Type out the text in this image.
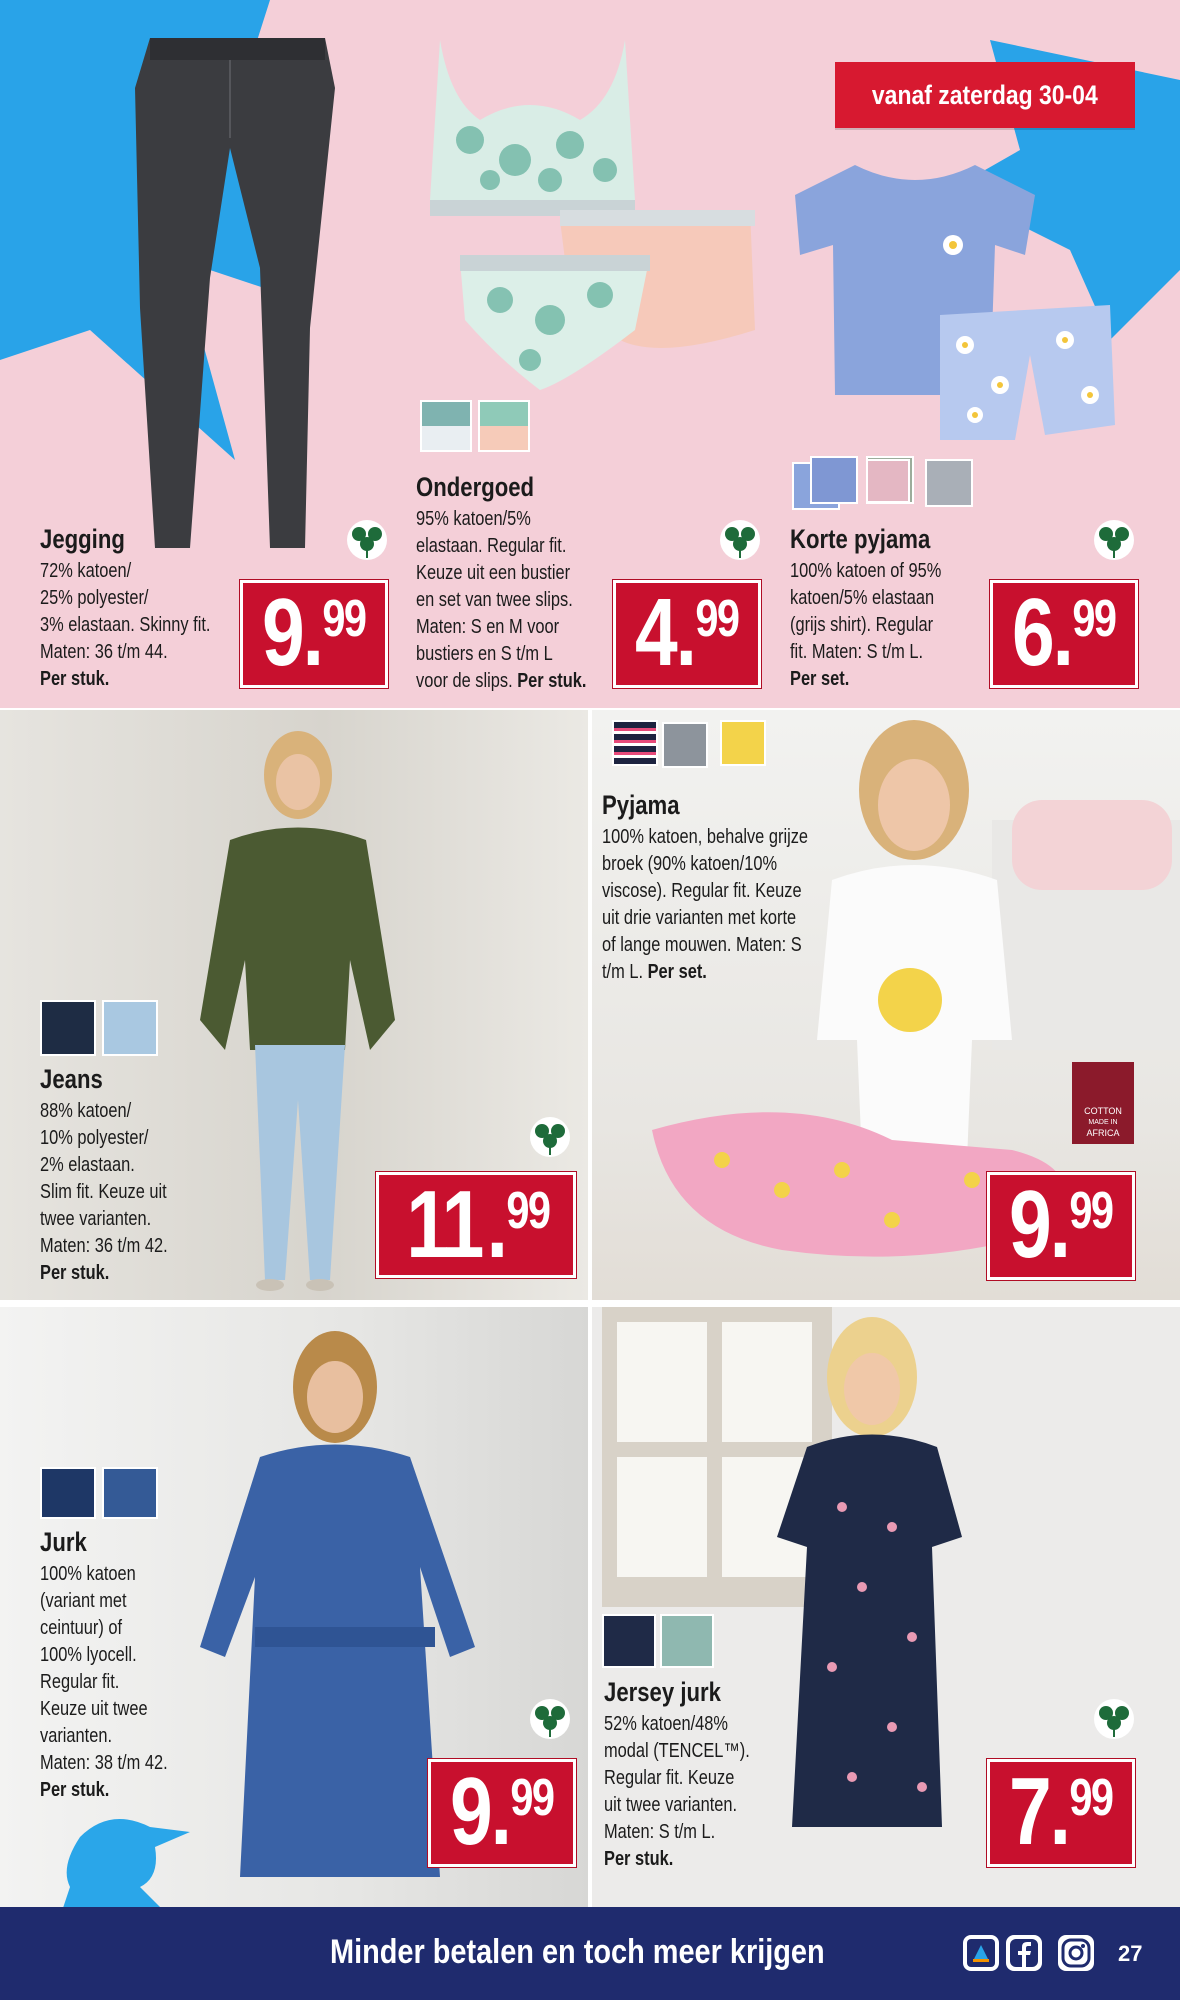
vanaf zaterdag 30-04
Jegging
72% katoen/
25% polyester/
3% elastaan. Skinny fit.
Maten: 36 t/m 44.
Per stuk.	9 .
99
Ondergoed
95% katoen/5%
elastaan. Regular fit.
Keuze uit een bustier
en set van twee slips.
Maten: S en M voor
bustiers en S t/m L
voor de slips. Per stuk. 4 .
99
Korte pyjama
100% katoen of 95%
katoen/5% elastaan
(grijs shirt). Regular
fit. Maten: S t/m L.
Per set.	6 .
99
Jeans
88% katoen/
10% polyester/
2% elastaan.
Slim fit. Keuze uit
twee varianten.
Maten: 36 t/m 42.
Per stuk.	11 .
99
Pyjama
100% katoen, behalve grijze
broek (90% katoen/10%
viscose). Regular fit. Keuze
uit drie varianten met korte
of lange mouwen. Maten: S
t/m L. Per set.
COTTON
MADE IN
AFRICA
9 .
99
Jurk
100% katoen
(variant met
ceintuur) of
100% lyocell.
Regular fit.
Keuze uit twee
varianten.
Maten: 38 t/m 42.
Per stuk.	9 .
99
Jersey jurk
52% katoen/48%
modal (TENCEL™).
Regular fit. Keuze
uit twee varianten.
Maten: S t/m L.
Per stuk.	7 .
99
Minder betalen en toch meer krijgen	27
